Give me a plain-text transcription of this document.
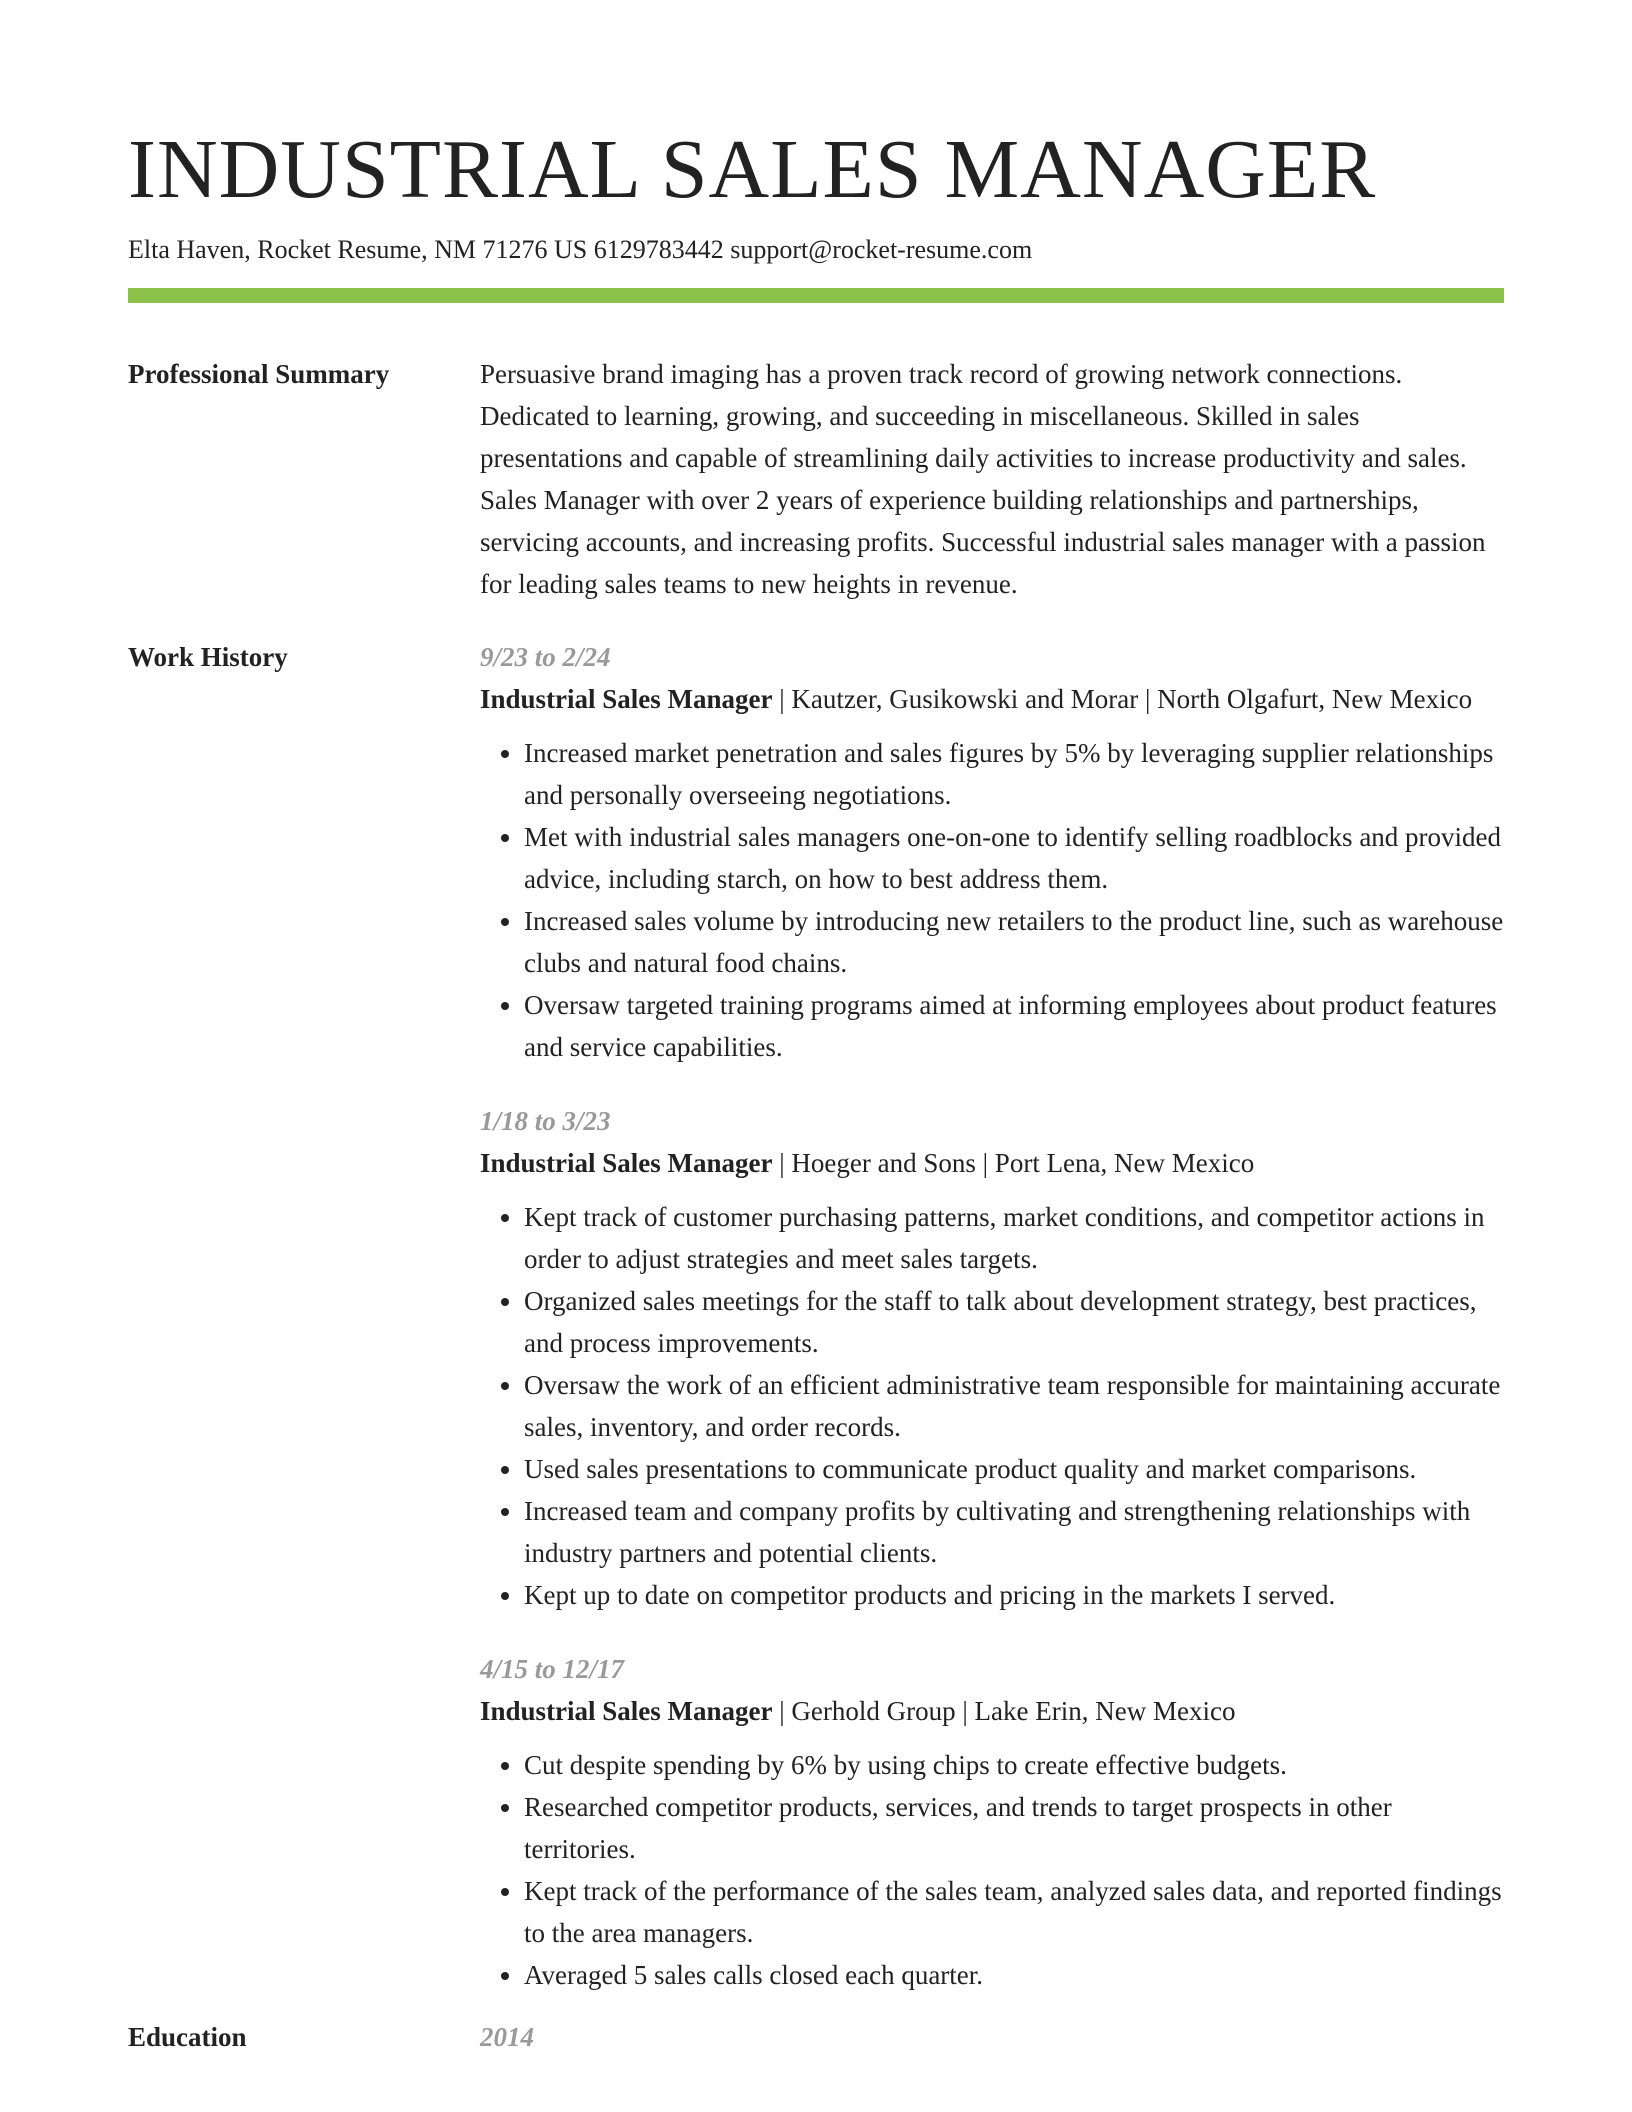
INDUSTRIAL SALES MANAGER
Elta Haven, Rocket Resume, NM 71276 US 6129783442 support@rocket-resume.com
Professional Summary	Persuasive brand imaging has a proven track record of growing network connections. Dedicated to learning, growing, and succeeding in miscellaneous. Skilled in sales presentations and capable of streamlining daily activities to increase productivity and sales. Sales Manager with over 2 years of experience building relationships and partnerships, servicing accounts, and increasing profits. Successful industrial sales manager with a passion for leading sales teams to new heights in revenue.
Work History	9/23 to 2/24
Industrial Sales Manager | Kautzer, Gusikowski and Morar | North Olgafurt, New Mexico
• Increased market penetration and sales figures by 5% by leveraging supplier relationships and personally overseeing negotiations.
• Met with industrial sales managers one-on-one to identify selling roadblocks and provided advice, including starch, on how to best address them.
• Increased sales volume by introducing new retailers to the product line, such as warehouse clubs and natural food chains.
• Oversaw targeted training programs aimed at informing employees about product features and service capabilities.
1/18 to 3/23
Industrial Sales Manager | Hoeger and Sons | Port Lena, New Mexico
• Kept track of customer purchasing patterns, market conditions, and competitor actions in order to adjust strategies and meet sales targets.
• Organized sales meetings for the staff to talk about development strategy, best practices, and process improvements.
• Oversaw the work of an efficient administrative team responsible for maintaining accurate sales, inventory, and order records.
• Used sales presentations to communicate product quality and market comparisons.
• Increased team and company profits by cultivating and strengthening relationships with industry partners and potential clients.
• Kept up to date on competitor products and pricing in the markets I served.
4/15 to 12/17
Industrial Sales Manager | Gerhold Group | Lake Erin, New Mexico
• Cut despite spending by 6% by using chips to create effective budgets.
• Researched competitor products, services, and trends to target prospects in other territories.
• Kept track of the performance of the sales team, analyzed sales data, and reported findings to the area managers.
• Averaged 5 sales calls closed each quarter.
Education	2014
